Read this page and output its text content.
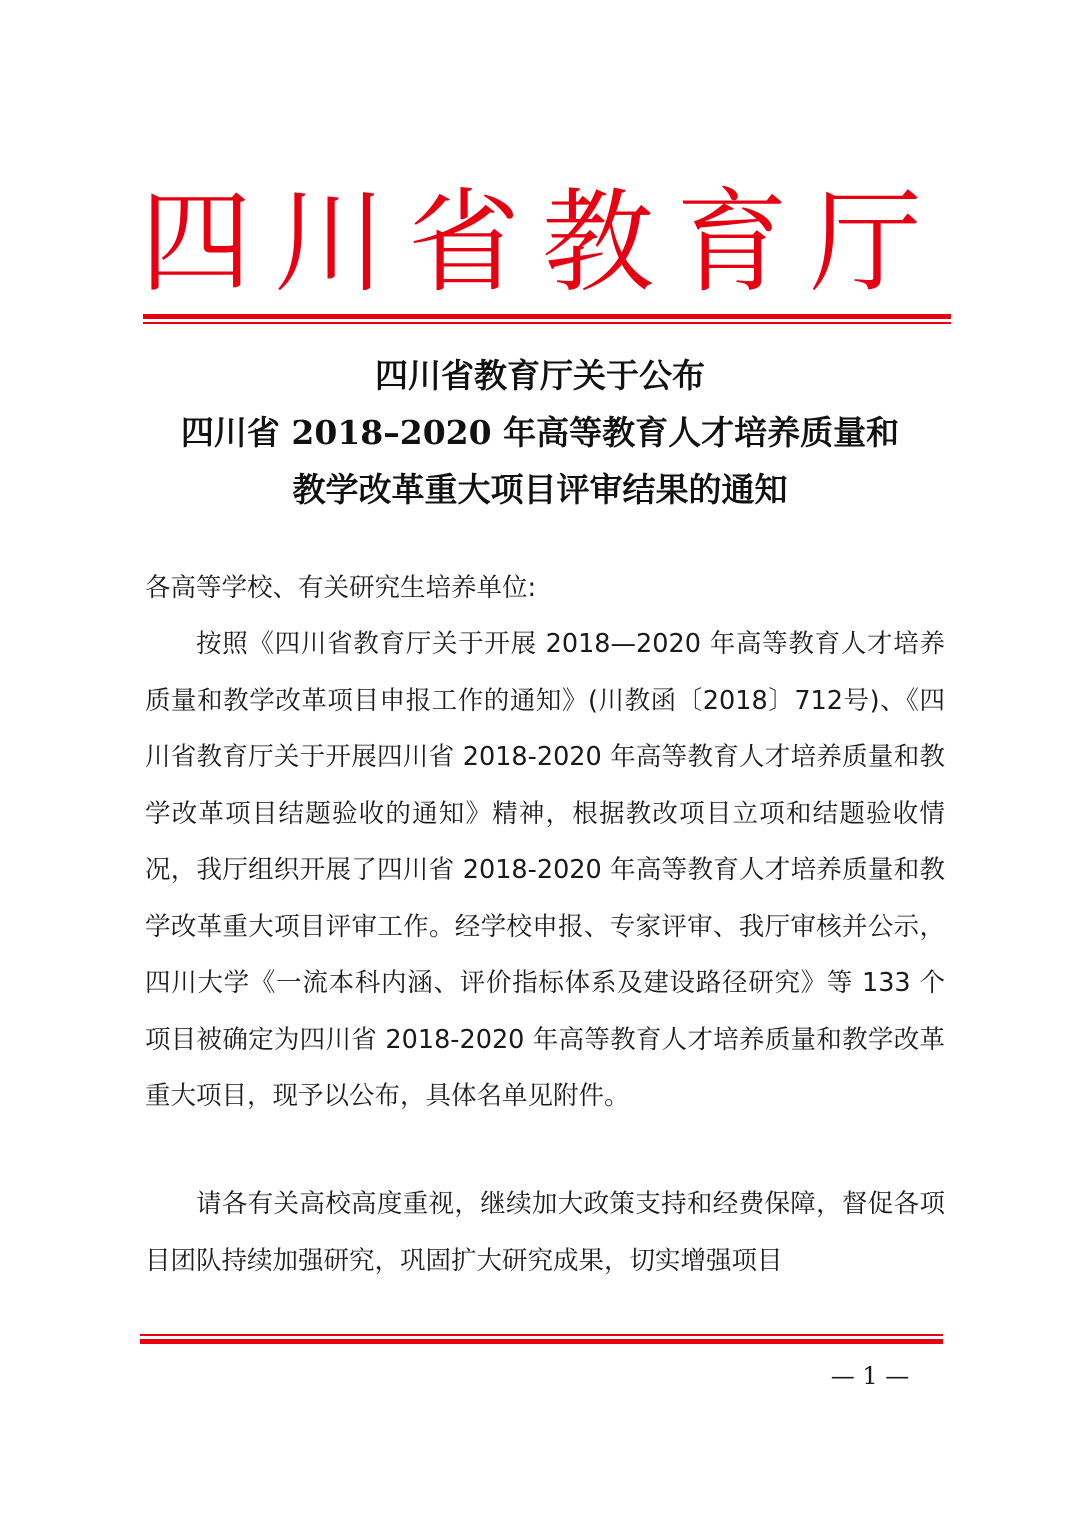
四川省教育厅
四川省教育厅关于公布
四川省 2018–2020 年高等教育人才培养质量和
教学改革重大项目评审结果的通知
各高等学校、有关研究生培养单位:
按照《四川省教育厅关于开展 2018—2020 年高等教育人才培养质量和教学改革项目申报工作的通知》(川教函〔2018〕712号)、《四川省教育厅关于开展四川省 2018-2020 年高等教育人才培养质量和教学改革项目结题验收的通知》精神，根据教改项目立项和结题验收情况，我厅组织开展了四川省 2018-2020 年高等教育人才培养质量和教学改革重大项目评审工作。经学校申报、专家评审、我厅审核并公示，四川大学《一流本科内涵、评价指标体系及建设路径研究》等 133 个项目被确定为四川省 2018-2020 年高等教育人才培养质量和教学改革重大项目，现予以公布，具体名单见附件。
请各有关高校高度重视，继续加大政策支持和经费保障，督促各项目团队持续加强研究，巩固扩大研究成果，切实增强项目
— 1 —
